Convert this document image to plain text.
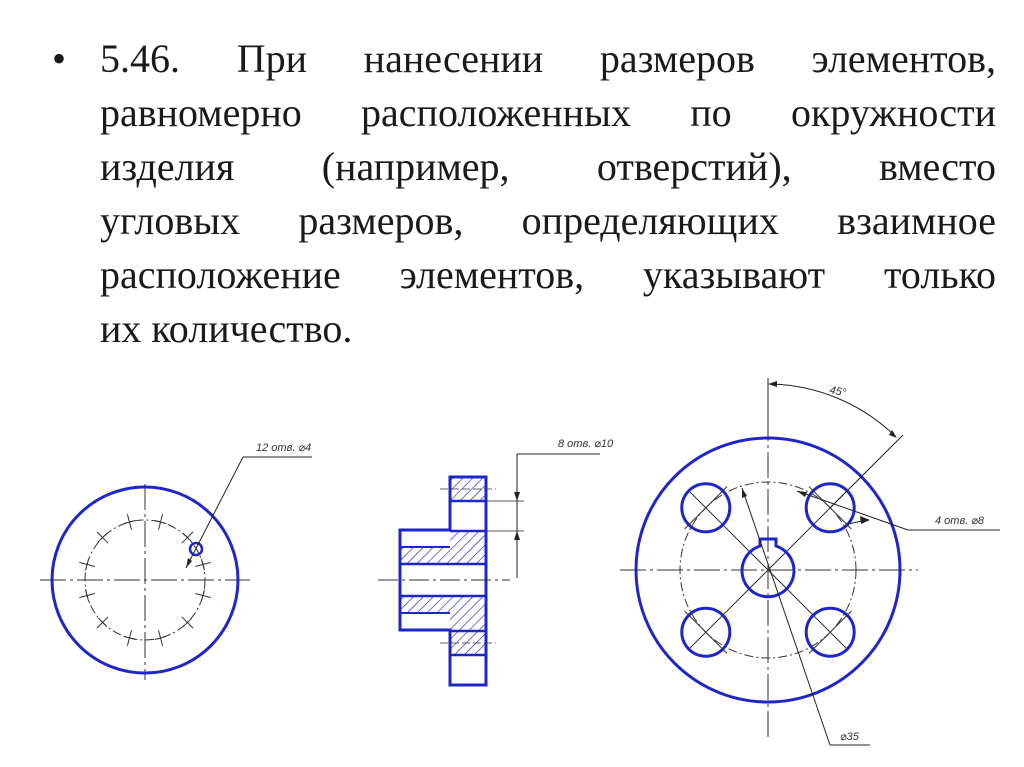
• 5.46. При нанесении размеров элементов,
равномерно расположенных по окружности
изделия (например, отверстий), вместо
угловых размеров, определяющих взаимное
расположение элементов, указывают только
их количество.
12 отв. ⌀4	8 отв. ⌀10
45°
4 отв. ⌀8
⌀35
